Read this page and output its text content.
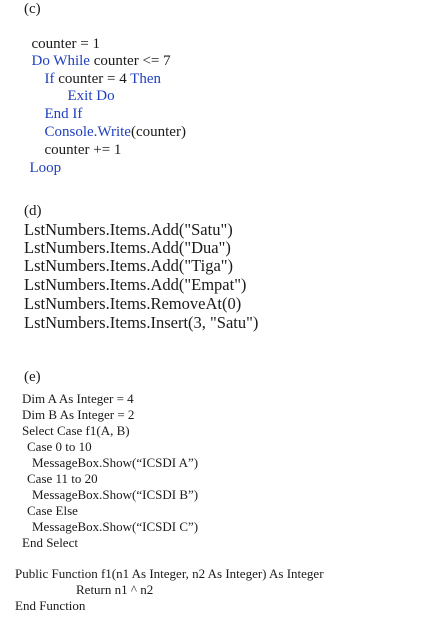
(c)

counter = 1

Do While counter <= 7

If counter = 4 Then

Exit Do

End If

Console.Write(counter)

counter += 1

Loop

(d)
LstNumbers.Items.Add("Satu")
LstNumbers.Items.Add("Dua")
LstNumbers.Items.Add("Tiga")
LstNumbers.Items.Add("Empat")
LstNumbers.Items.RemoveAt(0)
LstNumbers.Items.Insert(3, "Satu")
(e)
Dim A As Integer = 4
Dim B As Integer = 2
Select Case f1(A, B)
Case 0 to 10
MessageBox.Show(“ICSDI A”)
Case 11 to 20
MessageBox.Show(“ICSDI B”)
Case Else
MessageBox.Show(“ICSDI C”)
End Select
Public Function f1(n1 As Integer, n2 As Integer) As Integer
Return n1 ^ n2
End Function
